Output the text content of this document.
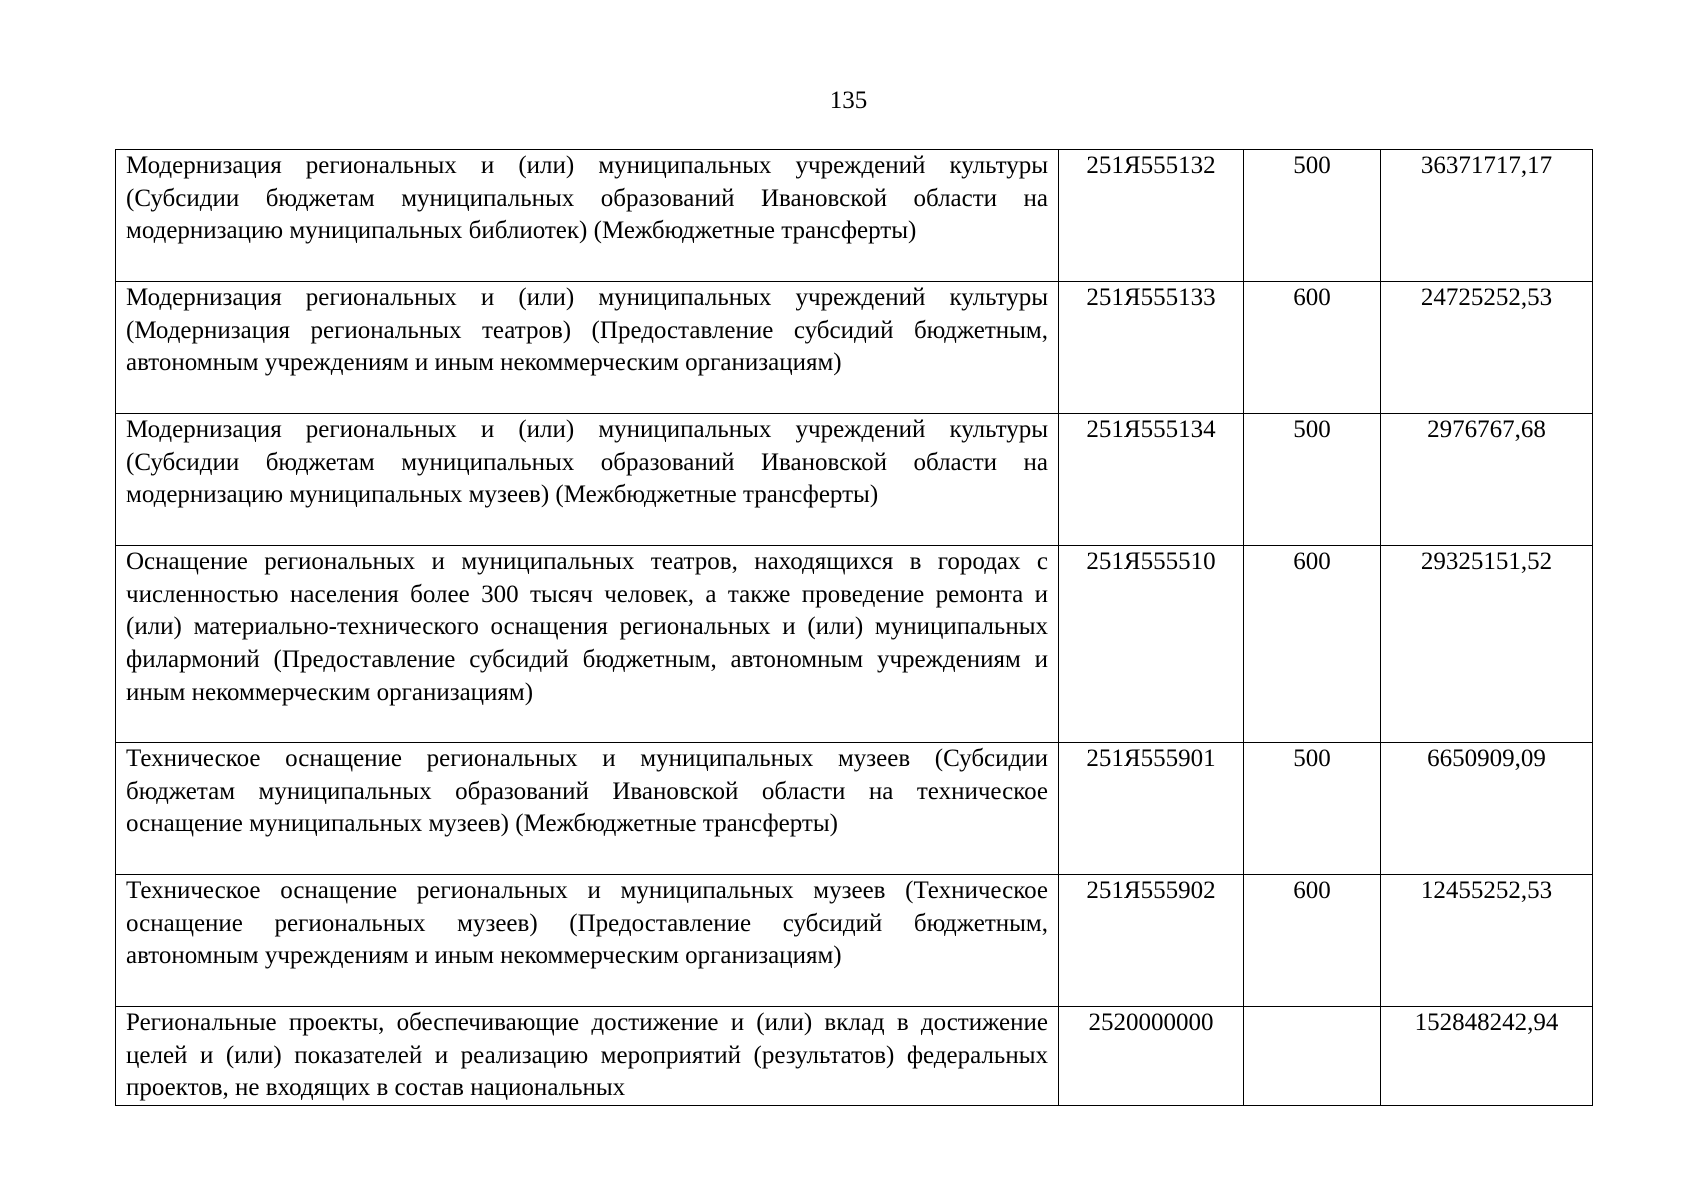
135
Модернизация региональных и (или) муниципальных учреждений культуры (Субсидии бюджетам муниципальных образований Ивановской области на модернизацию муниципальных библиотек) (Межбюджетные трансферты)	251Я555132	500	36371717,17
Модернизация региональных и (или) муниципальных учреждений культуры (Модернизация региональных театров) (Предоставление субсидий бюджетным, автономным учреждениям и иным некоммерческим организациям)	251Я555133	600	24725252,53
Модернизация региональных и (или) муниципальных учреждений культуры (Субсидии бюджетам муниципальных образований Ивановской области на модернизацию муниципальных музеев) (Межбюджетные трансферты)	251Я555134	500	2976767,68
Оснащение региональных и муниципальных театров, находящихся в городах с численностью населения более 300 тысяч человек, а также проведение ремонта и (или) материально-технического оснащения региональных и (или) муниципальных филармоний (Предоставление субсидий бюджетным, автономным учреждениям и иным некоммерческим организациям)	251Я555510	600	29325151,52
Техническое оснащение региональных и муниципальных музеев (Субсидии бюджетам муниципальных образований Ивановской области на техническое оснащение муниципальных музеев) (Межбюджетные трансферты)	251Я555901	500	6650909,09
Техническое оснащение региональных и муниципальных музеев (Техническое оснащение региональных музеев) (Предоставление субсидий бюджетным, автономным учреждениям и иным некоммерческим организациям)	251Я555902	600	12455252,53
Региональные проекты, обеспечивающие достижение и (или) вклад в достижение целей и (или) показателей и реализацию мероприятий (результатов) федеральных проектов, не входящих в состав национальных	2520000000		152848242,94
